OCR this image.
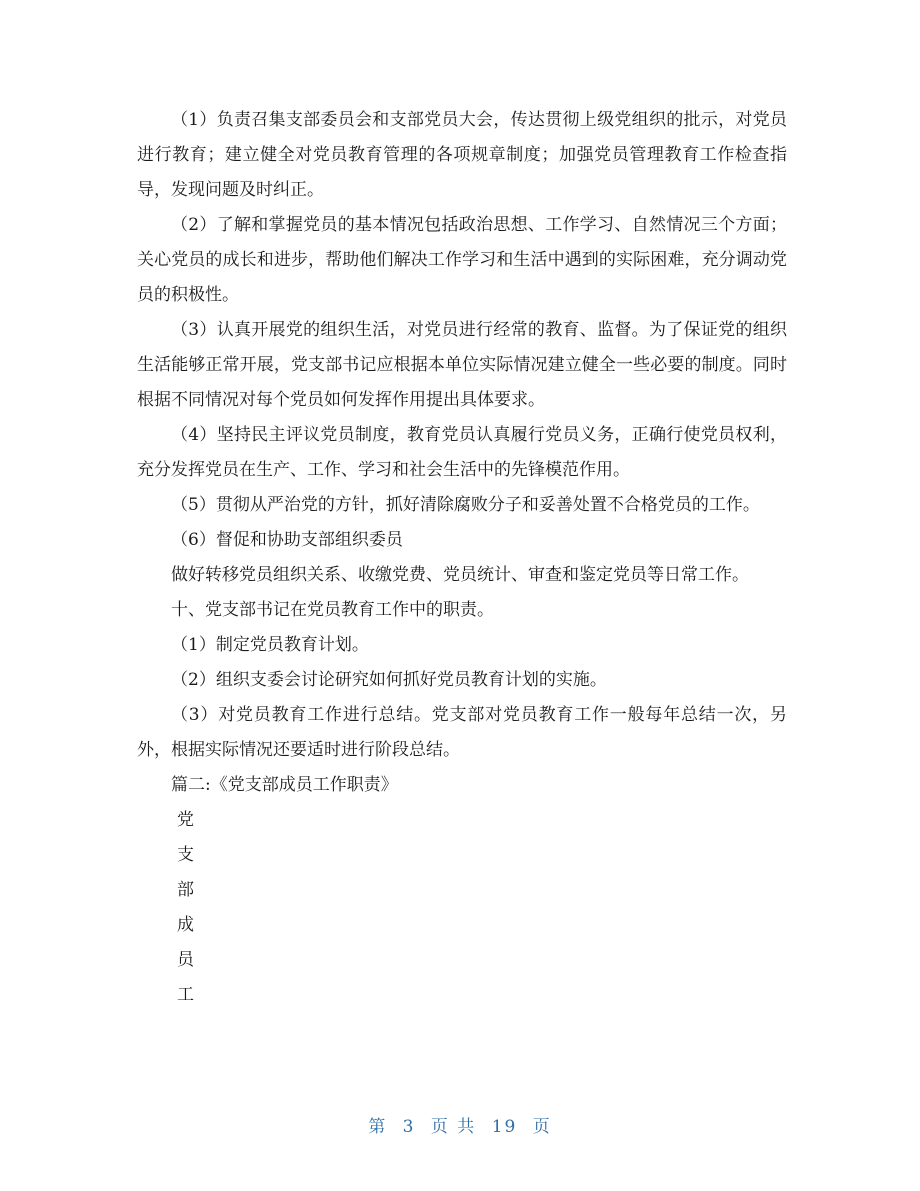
（1）负责召集支部委员会和支部党员大会，传达贯彻上级党组织的批示，对党员进行教育；建立健全对党员教育管理的各项规章制度；加强党员管理教育工作检查指导，发现问题及时纠正。

（2）了解和掌握党员的基本情况包括政治思想、工作学习、自然情况三个方面；关心党员的成长和进步，帮助他们解决工作学习和生活中遇到的实际困难，充分调动党员的积极性。

（3）认真开展党的组织生活，对党员进行经常的教育、监督。为了保证党的组织生活能够正常开展，党支部书记应根据本单位实际情况建立健全一些必要的制度。同时根据不同情况对每个党员如何发挥作用提出具体要求。

（4）坚持民主评议党员制度，教育党员认真履行党员义务，正确行使党员权利，充分发挥党员在生产、工作、学习和社会生活中的先锋模范作用。

（5）贯彻从严治党的方针，抓好清除腐败分子和妥善处置不合格党员的工作。

（6）督促和协助支部组织委员

做好转移党员组织关系、收缴党费、党员统计、审查和鉴定党员等日常工作。

十、党支部书记在党员教育工作中的职责。

（1）制定党员教育计划。

（2）组织支委会讨论研究如何抓好党员教育计划的实施。

（3）对党员教育工作进行总结。党支部对党员教育工作一般每年总结一次，另外，根据实际情况还要适时进行阶段总结。

篇二:《党支部成员工作职责》

党

支

部

成

员

工

第 3 页 共 19 页
